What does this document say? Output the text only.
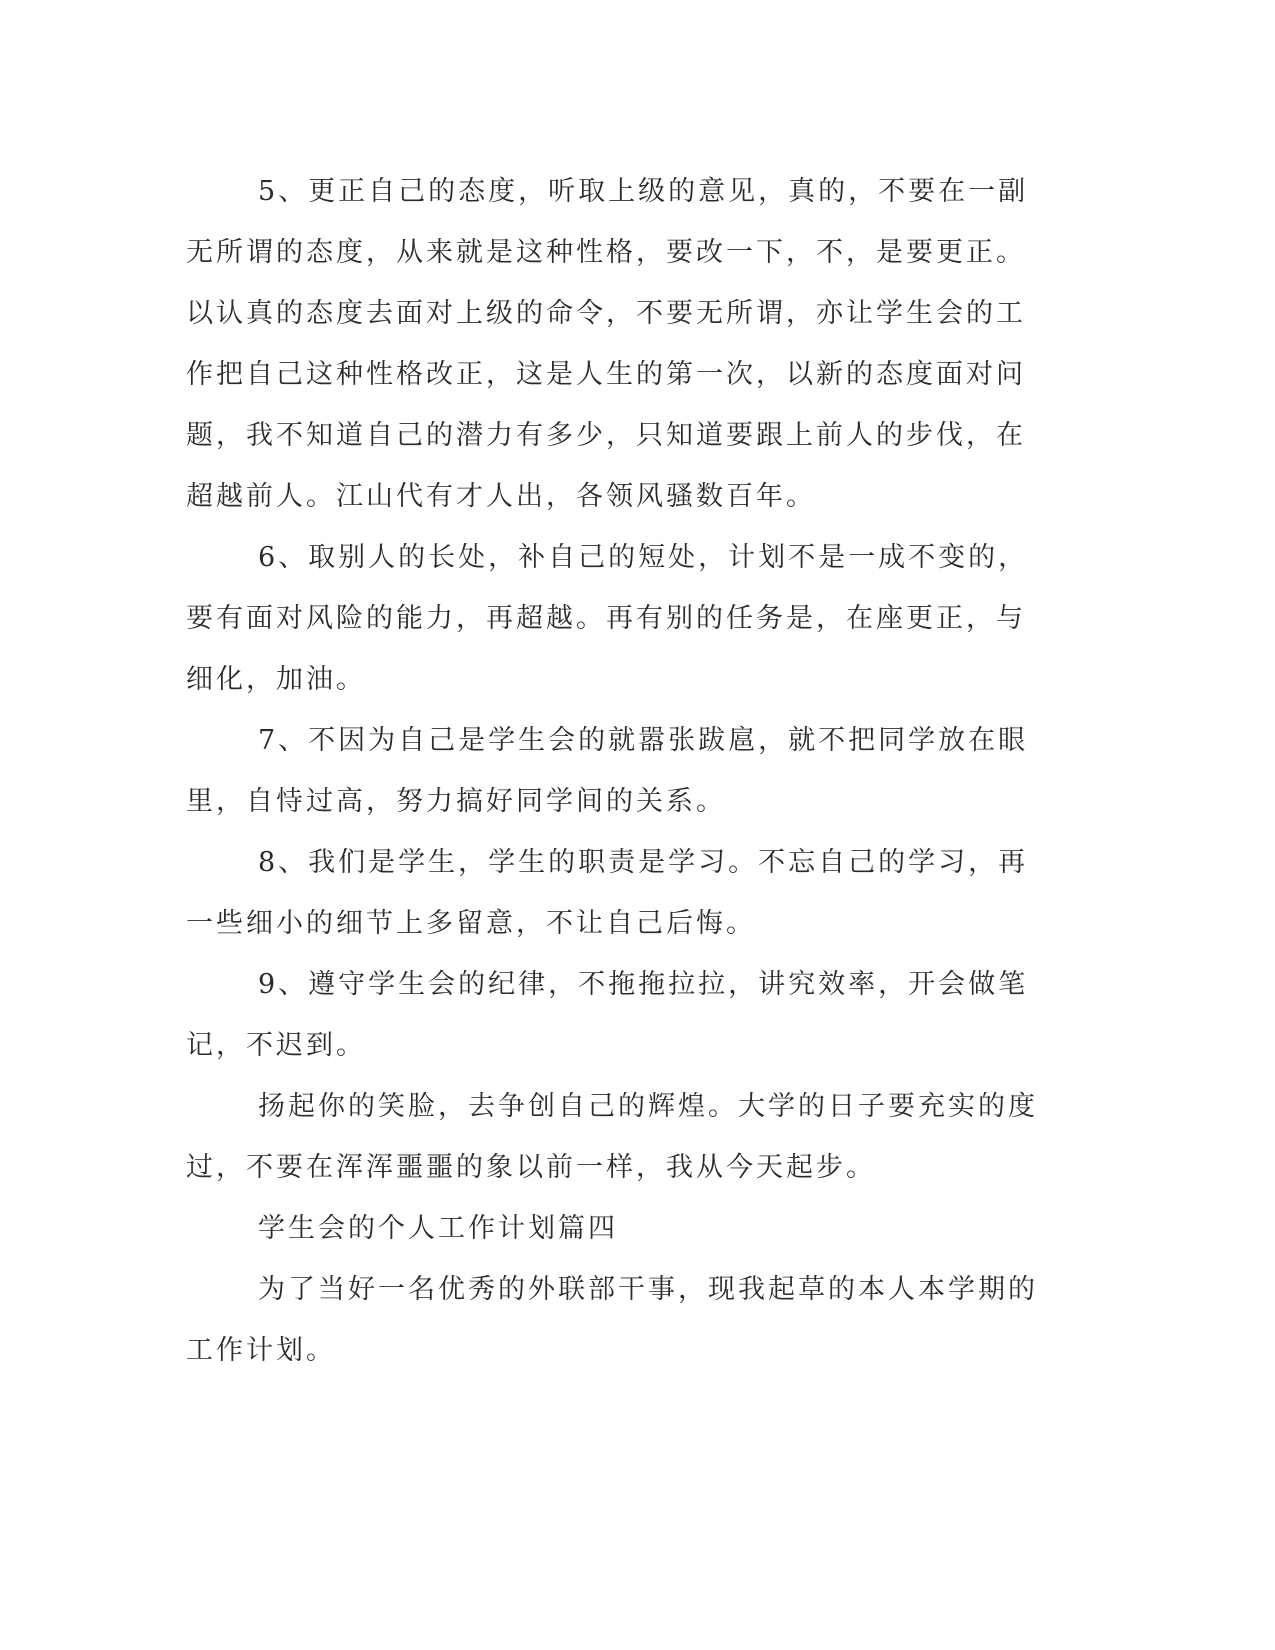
5、更正自己的态度，听取上级的意见，真的，不要在一副无所谓的态度，从来就是这种性格，要改一下，不，是要更正。以认真的态度去面对上级的命令，不要无所谓，亦让学生会的工作把自己这种性格改正，这是人生的第一次，以新的态度面对问题，我不知道自己的潜力有多少，只知道要跟上前人的步伐，在超越前人。江山代有才人出，各领风骚数百年。

6、取别人的长处，补自己的短处，计划不是一成不变的，要有面对风险的能力，再超越。再有别的任务是，在座更正，与细化，加油。

7、不因为自己是学生会的就嚣张跋扈，就不把同学放在眼里，自恃过高，努力搞好同学间的关系。

8、我们是学生，学生的职责是学习。不忘自己的学习，再一些细小的细节上多留意，不让自己后悔。

9、遵守学生会的纪律，不拖拖拉拉，讲究效率，开会做笔记，不迟到。

扬起你的笑脸，去争创自己的辉煌。大学的日子要充实的度过，不要在浑浑噩噩的象以前一样，我从今天起步。

学生会的个人工作计划篇四

为了当好一名优秀的外联部干事，现我起草的本人本学期的工作计划。
